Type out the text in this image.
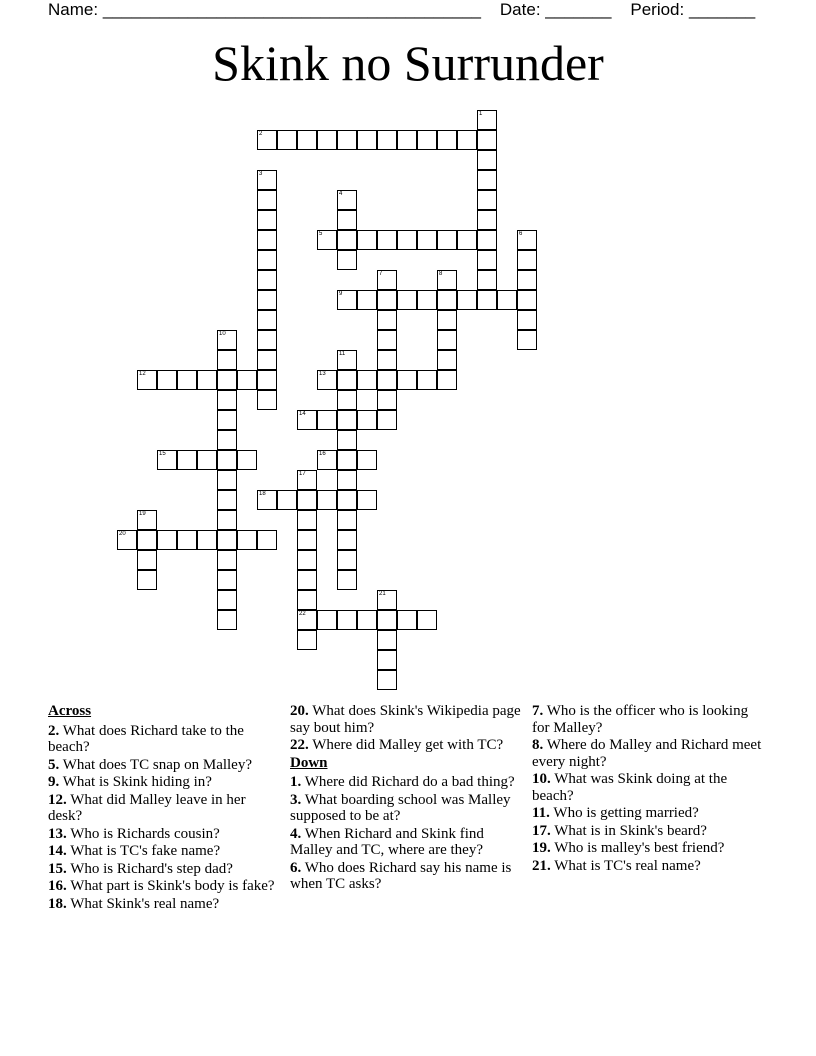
Name: ________________________________________ Date: _______ Period: _______
Skink no Surrunder
2
5
9
12	13
14
15	16
18
20
22
1
3
4
6
7	8
10
11
17
19
21
Across
2. What does Richard take to the beach?
5. What does TC snap on Malley?
9. What is Skink hiding in?
12. What did Malley leave in her desk?
13. Who is Richards cousin?
14. What is TC's fake name?
15. Who is Richard's step dad?
16. What part is Skink's body is fake?
18. What Skink's real name?
20. What does Skink's Wikipedia page say bout him?
22. Where did Malley get with TC?
Down
1. Where did Richard do a bad thing?
3. What boarding school was Malley supposed to be at?
4. When Richard and Skink find Malley and TC, where are they?
6. Who does Richard say his name is when TC asks?
7. Who is the officer who is looking for Malley?
8. Where do Malley and Richard meet every night?
10. What was Skink doing at the beach?
11. Who is getting married?
17. What is in Skink's beard?
19. Who is malley's best friend?
21. What is TC's real name?
